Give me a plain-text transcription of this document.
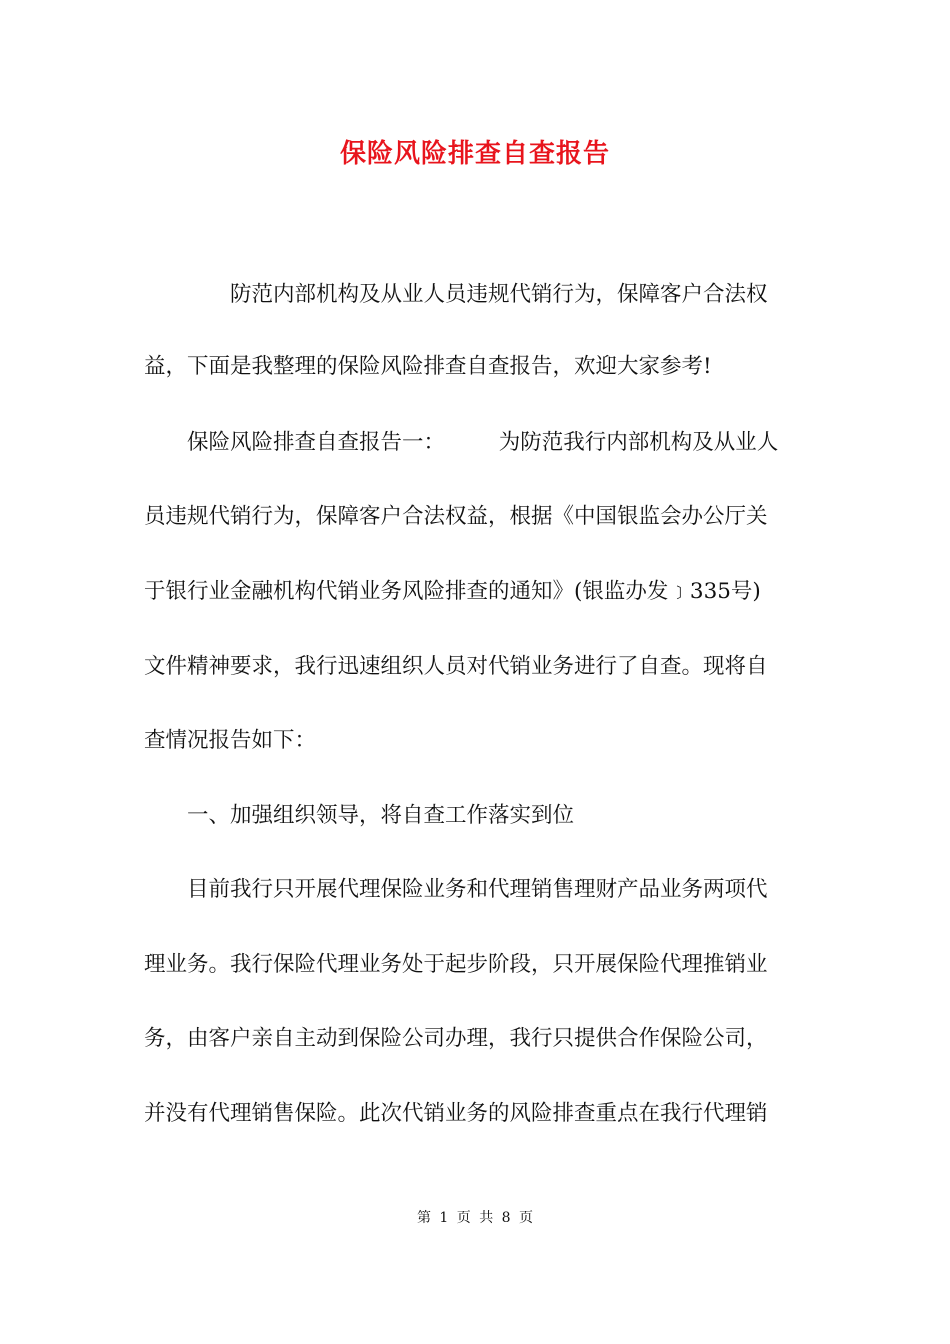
保险风险排查自查报告
　　　　防范内部机构及从业人员违规代销行为，保障客户合法权
益，下面是我整理的保险风险排查自查报告，欢迎大家参考!
　　保险风险排查自查报告一：　　　为防范我行内部机构及从业人
员违规代销行为，保障客户合法权益，根据《中国银监会办公厅关
于银行业金融机构代销业务风险排查的通知》(银监办发﹞335号)
文件精神要求，我行迅速组织人员对代销业务进行了自查。现将自
查情况报告如下：
　　一、加强组织领导，将自查工作落实到位
　　目前我行只开展代理保险业务和代理销售理财产品业务两项代
理业务。我行保险代理业务处于起步阶段，只开展保险代理推销业
务，由客户亲自主动到保险公司办理，我行只提供合作保险公司，
并没有代理销售保险。此次代销业务的风险排查重点在我行代理销
第 1 页 共 8 页
